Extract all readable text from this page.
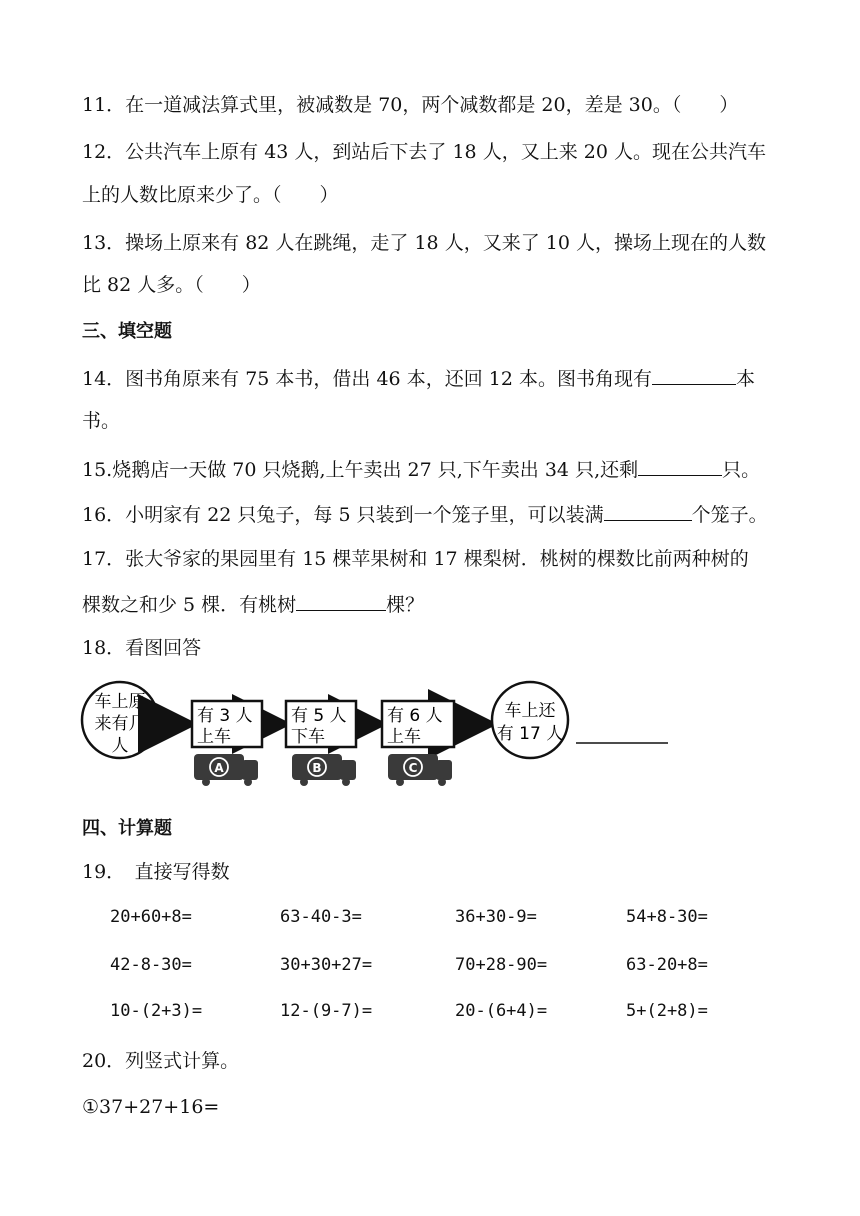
11．在一道减法算式里，被减数是 70，两个减数都是 20，差是 30。（　　）
12．公共汽车上原有 43 人，到站后下去了 18 人，又上来 20 人。现在公共汽车
上的人数比原来少了。（　　）
13．操场上原来有 82 人在跳绳，走了 18 人，又来了 10 人，操场上现在的人数
比 82 人多。（　　）
三、填空题
14．图书角原来有 75 本书，借出 46 本，还回 12 本。图书角现有	本
书。
15.烧鹅店一天做 70 只烧鹅,上午卖出 27 只,下午卖出 34 只,还剩	只。
16．小明家有 22 只兔子，每 5 只装到一个笼子里，可以装满	个笼子。
17．张大爷家的果园里有 15 棵苹果树和 17 棵梨树．桃树的棵数比前两种树的
棵数之和少 5 棵．有桃树	棵？
18．看图回答
车上原
来有几
人
有 3 人
上车
有 5 人
下车
有 6 人
上车
A	B	C
车上还
有 17 人
四、计算题
19．　直接写得数
20+60+8=	63-40-3=	36+30-9=	54+8-30=
42-8-30=	30+30+27=	70+28-90=	63-20+8=
10-(2+3)=	12-(9-7)=	20-(6+4)=	5+(2+8)=
20．列竖式计算。
①37+27+16=
